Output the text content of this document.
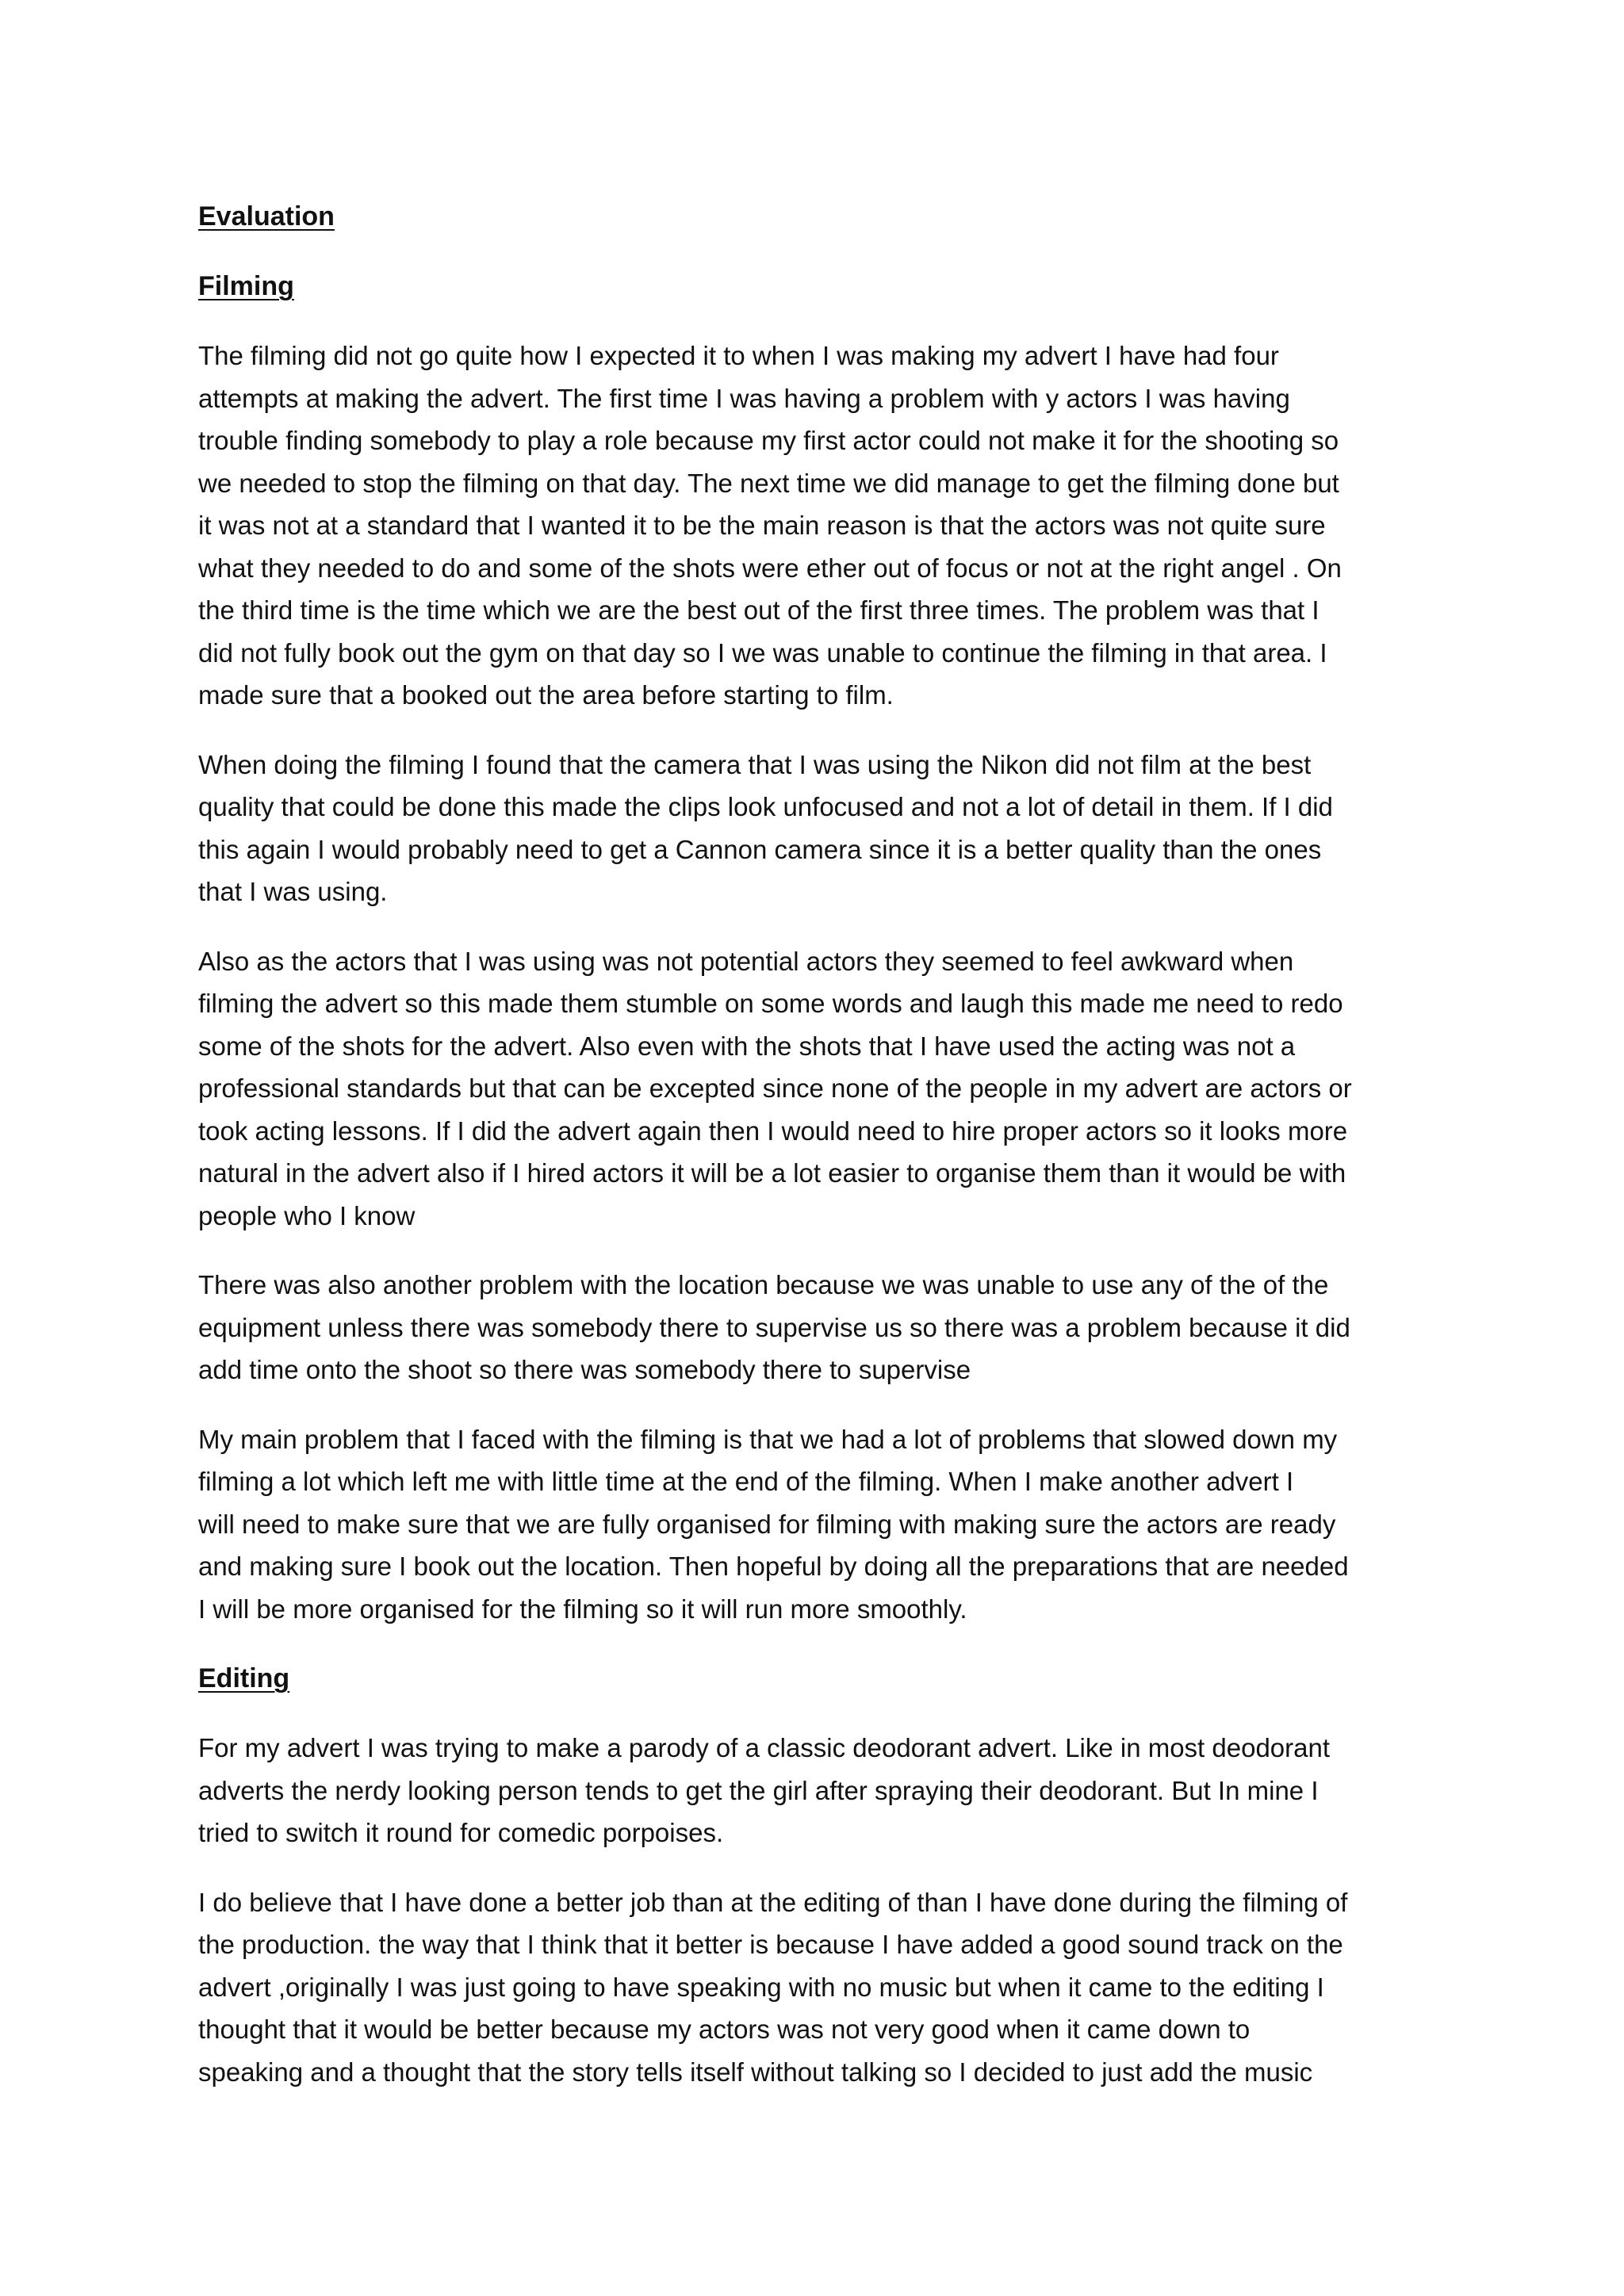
Evaluation
Filming
The filming did not go quite how I expected it to when I was making my advert I have had four
attempts at making the advert. The first time I was having a problem with y actors I was having
trouble finding somebody to play a role because my first actor could not make it for the shooting so
we needed to stop the filming on that day. The next time we did manage to get the filming done but
it was not at a standard that I wanted it to be the main reason is that the actors was not quite sure
what they needed to do and some of the shots were ether out of focus or not at the right angel . On
the third time is the time which we are the best out of the first three times. The problem was that I
did not fully book out the gym on that day so I we was unable to continue the filming in that area. I
made sure that a booked out the area before starting to film.
When doing the filming I found that the camera that I was using the Nikon did not film at the best
quality that could be done this made the clips look unfocused and not a lot of detail in them. If I did
this again I would probably need to get a Cannon camera since it is a better quality than the ones
that I was using.
Also as the actors that I was using was not potential actors they seemed to feel awkward when
filming the advert so this made them stumble on some words and laugh this made me need to redo
some of the shots for the advert. Also even with the shots that I have used the acting was not a
professional standards but that can be excepted since none of the people in my advert are actors or
took acting lessons. If I did the advert again then I would need to hire proper actors so it looks more
natural in the advert also if I hired actors it will be a lot easier to organise them than it would be with
people who I know
There was also another problem with the location because we was unable to use any of the of the
equipment unless there was somebody there to supervise us so there was a problem because it did
add time onto the shoot so there was somebody there to supervise
My main problem that I faced with the filming is that we had a lot of problems that slowed down my
filming a lot which left me with little time at the end of the filming. When I make another advert I
will need to make sure that we are fully organised for filming with making sure the actors are ready
and making sure I book out the location. Then hopeful by doing all the preparations that are needed
I will be more organised for the filming so it will run more smoothly.
Editing
For my advert I was trying to make a parody of a classic deodorant advert. Like in most deodorant
adverts the nerdy looking person tends to get the girl after spraying their deodorant. But In mine I
tried to switch it round for comedic porpoises.
I do believe that I have done a better job than at the editing of than I have done during the filming of
the production. the way that I think that it better is because I have added a good sound track on the
advert ,originally I was just going to have speaking with no music but when it came to the editing I
thought that it would be better because my actors was not very good when it came down to
speaking and a thought that the story tells itself without talking so I decided to just add the music
